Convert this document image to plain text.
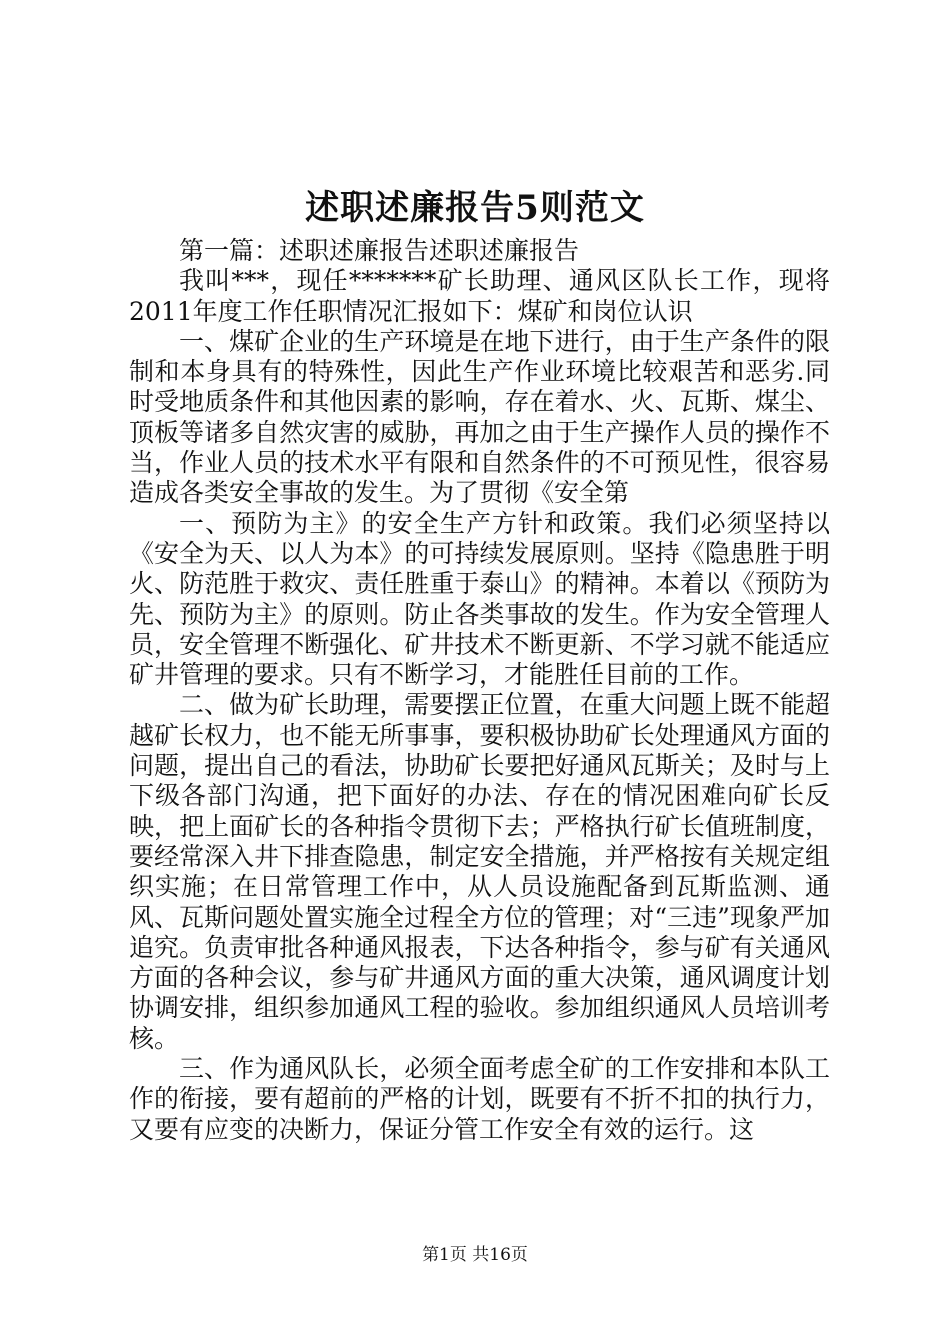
述职述廉报告5则范文

第一篇：述职述廉报告述职述廉报告

我叫***，现任*******矿长助理、通风区队长工作，现将2011年度工作任职情况汇报如下：煤矿和岗位认识

一、煤矿企业的生产环境是在地下进行，由于生产条件的限制和本身具有的特殊性，因此生产作业环境比较艰苦和恶劣.同时受地质条件和其他因素的影响，存在着水、火、瓦斯、煤尘、顶板等诸多自然灾害的威胁，再加之由于生产操作人员的操作不当，作业人员的技术水平有限和自然条件的不可预见性，很容易造成各类安全事故的发生。为了贯彻《安全第

一、预防为主》的安全生产方针和政策。我们必须坚持以《安全为天、以人为本》的可持续发展原则。坚持《隐患胜于明火、防范胜于救灾、责任胜重于泰山》的精神。本着以《预防为先、预防为主》的原则。防止各类事故的发生。作为安全管理人员，安全管理不断强化、矿井技术不断更新、不学习就不能适应矿井管理的要求。只有不断学习，才能胜任目前的工作。

二、做为矿长助理，需要摆正位置，在重大问题上既不能超越矿长权力，也不能无所事事，要积极协助矿长处理通风方面的问题，提出自己的看法，协助矿长要把好通风瓦斯关；及时与上下级各部门沟通，把下面好的办法、存在的情况困难向矿长反映，把上面矿长的各种指令贯彻下去；严格执行矿长值班制度，要经常深入井下排查隐患，制定安全措施，并严格按有关规定组织实施；在日常管理工作中，从人员设施配备到瓦斯监测、通风、瓦斯问题处置实施全过程全方位的管理；对“三违”现象严加追究。负责审批各种通风报表，下达各种指令，参与矿有关通风方面的各种会议，参与矿井通风方面的重大决策，通风调度计划协调安排，组织参加通风工程的验收。参加组织通风人员培训考核。

三、作为通风队长，必须全面考虑全矿的工作安排和本队工作的衔接，要有超前的严格的计划，既要有不折不扣的执行力，又要有应变的决断力，保证分管工作安全有效的运行。这

第1页 共16页
